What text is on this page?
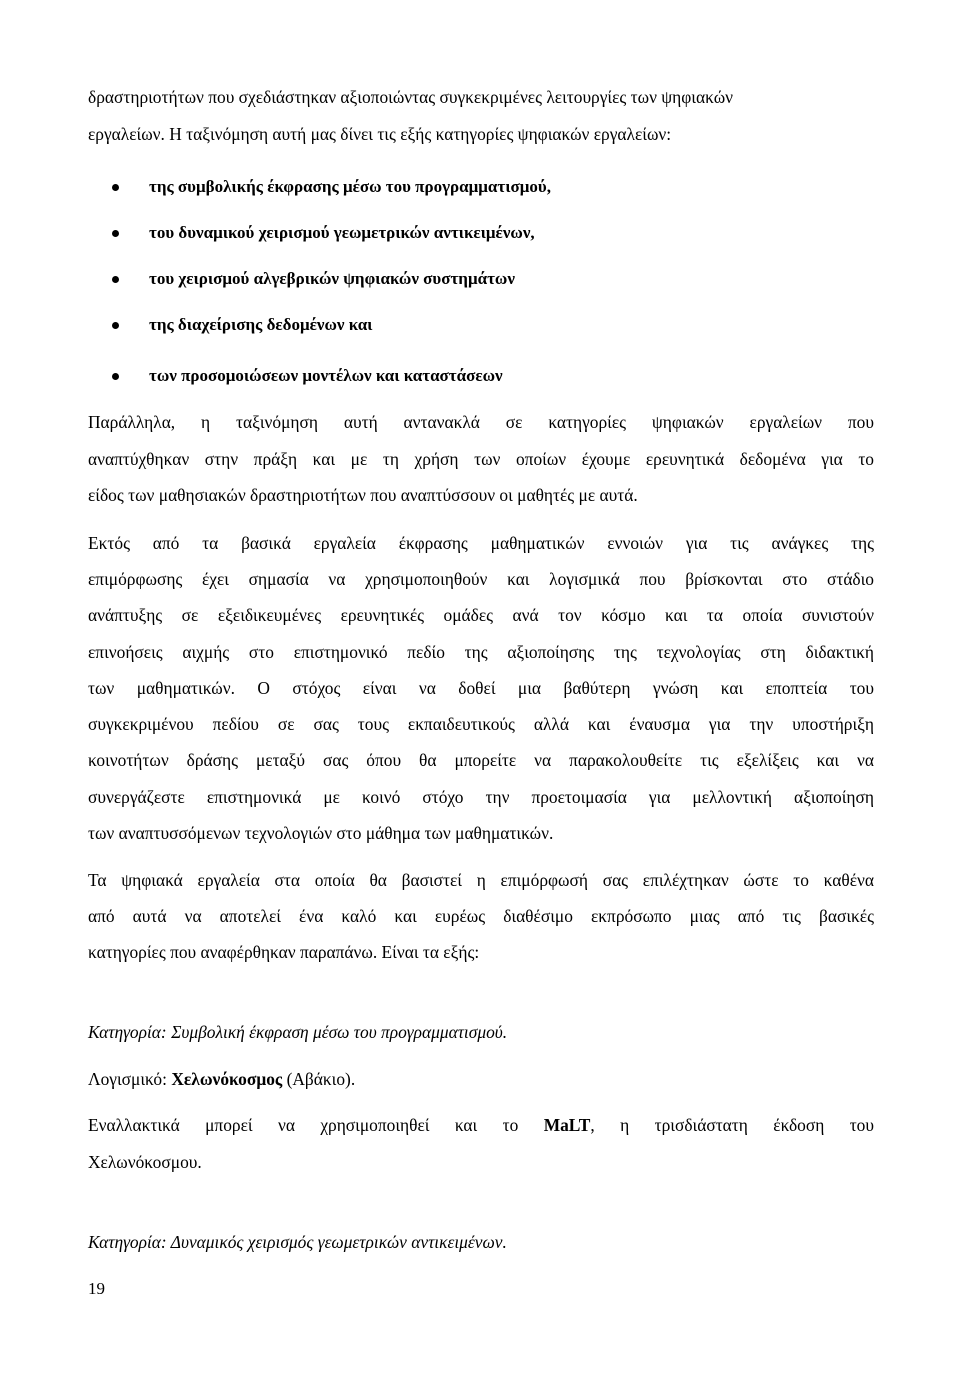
δραστηριοτήτων που σχεδιάστηκαν αξιοποιώντας συγκεκριμένες λειτουργίες των ψηφιακών
εργαλείων. Η ταξινόμηση αυτή μας δίνει τις εξής κατηγορίες ψηφιακών εργαλείων:
της συμβολικής έκφρασης μέσω του προγραμματισμού,
του δυναμικού χειρισμού γεωμετρικών αντικειμένων,
του χειρισμού αλγεβρικών ψηφιακών συστημάτων
της διαχείρισης δεδομένων και
των προσομοιώσεων μοντέλων και καταστάσεων
Παράλληλα, η ταξινόμηση αυτή αντανακλά σε κατηγορίες ψηφιακών εργαλείων που
αναπτύχθηκαν στην πράξη και με τη χρήση των οποίων έχουμε ερευνητικά δεδομένα για το
είδος των μαθησιακών δραστηριοτήτων που αναπτύσσουν οι μαθητές με αυτά.
Εκτός από τα βασικά εργαλεία έκφρασης μαθηματικών εννοιών για τις ανάγκες της
επιμόρφωσης έχει σημασία να χρησιμοποιηθούν και λογισμικά που βρίσκονται στο στάδιο
ανάπτυξης σε εξειδικευμένες ερευνητικές ομάδες ανά τον κόσμο και τα οποία συνιστούν
επινοήσεις αιχμής στο επιστημονικό πεδίο της αξιοποίησης της τεχνολογίας στη διδακτική
των μαθηματικών. Ο στόχος είναι να δοθεί μια βαθύτερη γνώση και εποπτεία του
συγκεκριμένου πεδίου σε σας τους εκπαιδευτικούς αλλά και έναυσμα για την υποστήριξη
κοινοτήτων δράσης μεταξύ σας όπου θα μπορείτε να παρακολουθείτε τις εξελίξεις και να
συνεργάζεστε επιστημονικά με κοινό στόχο την προετοιμασία για μελλοντική αξιοποίηση
των αναπτυσσόμενων τεχνολογιών στο μάθημα των μαθηματικών.
Τα ψηφιακά εργαλεία στα οποία θα βασιστεί η επιμόρφωσή σας επιλέχτηκαν ώστε το καθένα
από αυτά να αποτελεί ένα καλό και ευρέως διαθέσιμο εκπρόσωπο μιας από τις βασικές
κατηγορίες που αναφέρθηκαν παραπάνω. Είναι τα εξής:
Κατηγορία: Συμβολική έκφραση μέσω του προγραμματισμού.
Λογισμικό: Χελωνόκοσμος (Αβάκιο).
Εναλλακτικά μπορεί να χρησιμοποιηθεί και το MaLT, η τρισδιάστατη έκδοση του
Χελωνόκοσμου.
Κατηγορία: Δυναμικός χειρισμός γεωμετρικών αντικειμένων.
19
